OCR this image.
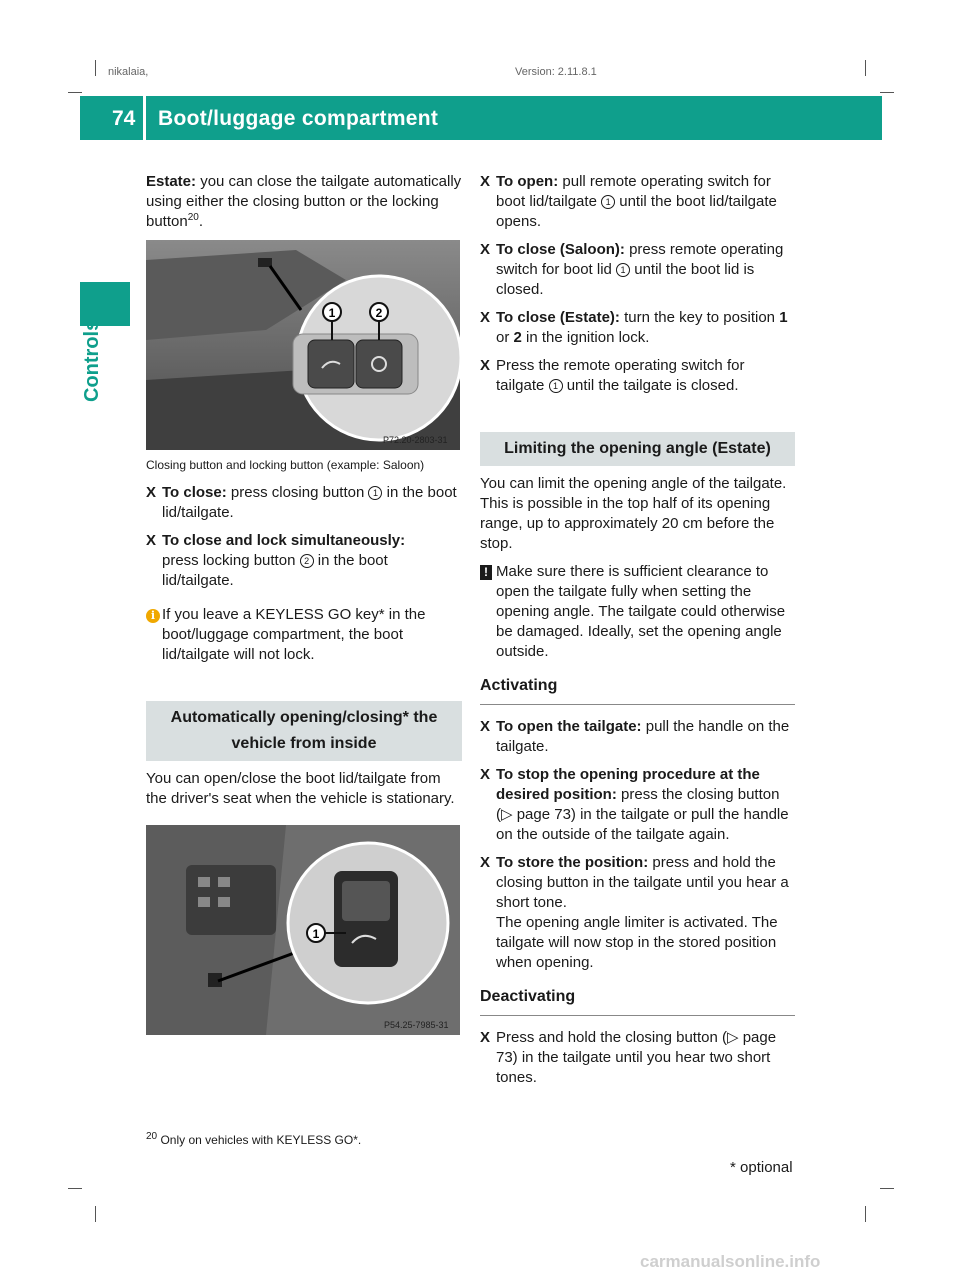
nikalaia,	Version: 2.11.8.1
74 Boot/luggage compartment
Controls

Estate: you can close the tailgate automatically using either the closing button or the locking button$^{20}$.

1	2
P72.20-2803-31

Closing button and locking button (example: Saloon)

X To close: press closing button 1 in the boot lid/tailgate.
X To close and lock simultaneously:
press locking button 2 in the boot lid/tailgate.
i If you leave a KEYLESS GO key* in the boot/luggage compartment, the boot lid/tailgate will not lock.
Automatically opening/closing* the vehicle from inside

You can open/close the boot lid/tailgate from the driver's seat when the vehicle is stationary.

1
P54.25-7985-31
X To open: pull remote operating switch for boot lid/tailgate 1 until the boot lid/tailgate opens.
X To close (Saloon): press remote operating switch for boot lid 1 until the boot lid is closed.
X To close (Estate): turn the key to position 1 or 2 in the ignition lock.
X Press the remote operating switch for tailgate 1 until the tailgate is closed.
Limiting the opening angle (Estate)

You can limit the opening angle of the tailgate. This is possible in the top half of its opening range, up to approximately 20 cm before the stop.

! Make sure there is sufficient clearance to open the tailgate fully when setting the opening angle. The tailgate could otherwise be damaged. Ideally, set the opening angle outside.
Activating
X To open the tailgate: pull the handle on the tailgate.
X To stop the opening procedure at the desired position: press the closing button (▷ page 73) in the tailgate or pull the handle on the outside of the tailgate again.
X To store the position: press and hold the closing button in the tailgate until you hear a short tone.
The opening angle limiter is activated. The tailgate will now stop in the stored position when opening.
Deactivating
X Press and hold the closing button (▷ page 73) in the tailgate until you hear two short tones.
$^{20}$ Only on vehicles with KEYLESS GO*.
* optional
carmanualsonline.info
